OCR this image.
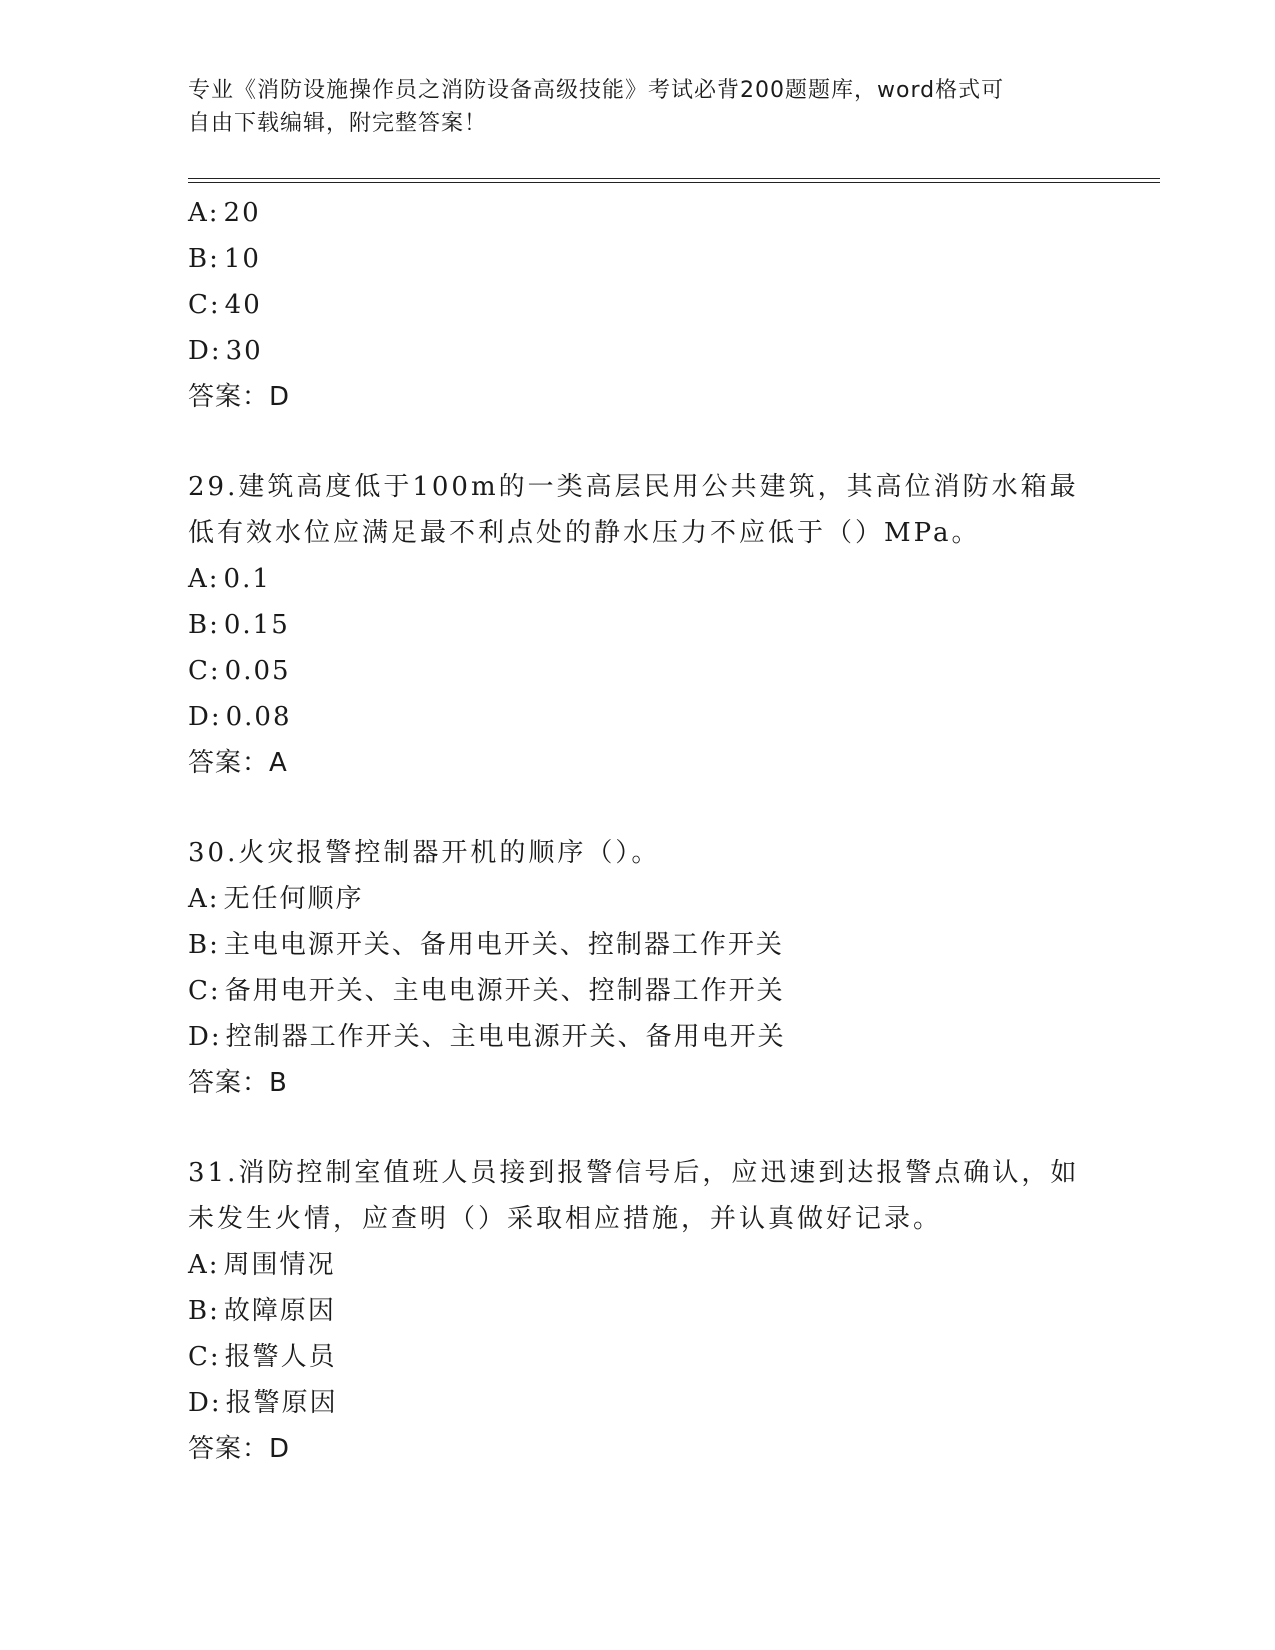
专业《消防设施操作员之消防设备高级技能》考试必背200题题库，word格式可
自由下载编辑，附完整答案！
A: 20
B: 10
C: 40
D: 30
答案：D
29.建筑高度低于100m的一类高层民用公共建筑，其高位消防水箱最
低有效水位应满足最不利点处的静水压力不应低于（）MPa。
A: 0.1
B: 0.15
C: 0.05
D: 0.08
答案：A
30.火灾报警控制器开机的顺序（）。
A: 无任何顺序
B: 主电电源开关、备用电开关、控制器工作开关
C: 备用电开关、主电电源开关、控制器工作开关
D: 控制器工作开关、主电电源开关、备用电开关
答案：B
31.消防控制室值班人员接到报警信号后，应迅速到达报警点确认，如
未发生火情，应查明（）采取相应措施，并认真做好记录。
A: 周围情况
B: 故障原因
C: 报警人员
D: 报警原因
答案：D
